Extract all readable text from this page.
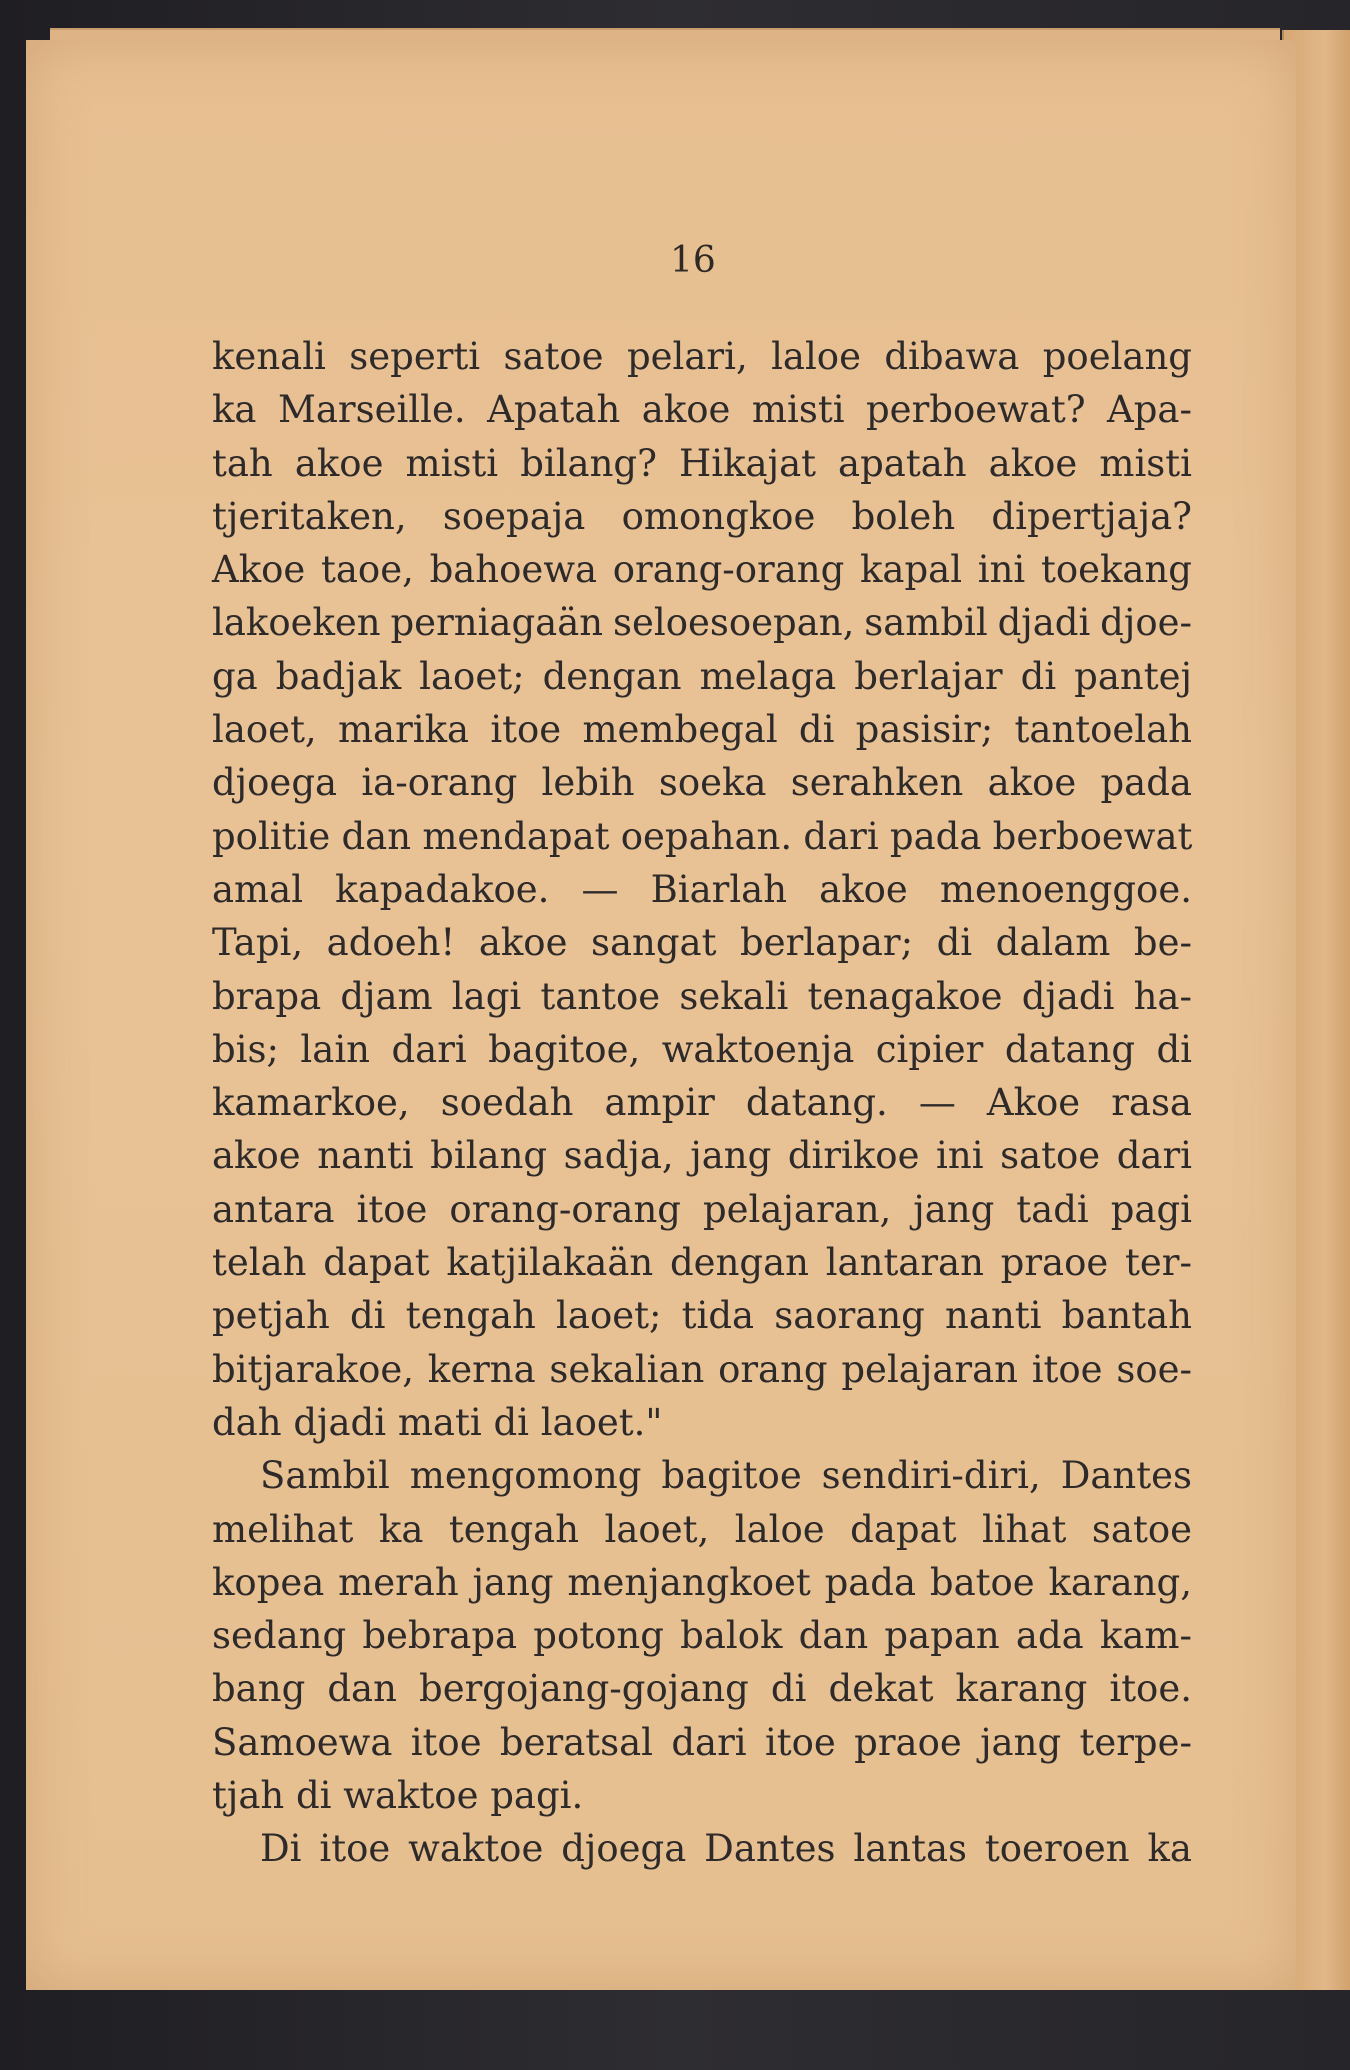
16
kenali seperti satoe pelari, laloe dibawa poelang
ka Marseille. Apatah akoe misti perboewat? Apa-
tah akoe misti bilang? Hikajat apatah akoe misti
tjeritaken, soepaja omongkoe boleh dipertjaja?
Akoe taoe, bahoewa orang-orang kapal ini toekang
lakoeken perniagaän seloesoepan, sambil djadi djoe-
ga badjak laoet; dengan melaga berlajar di pantej
laoet, marika itoe membegal di pasisir; tantoelah
djoega ia-orang lebih soeka serahken akoe pada
politie dan mendapat oepahan. dari pada berboewat
amal kapadakoe. — Biarlah akoe menoenggoe.
Tapi, adoeh! akoe sangat berlapar; di dalam be-
brapa djam lagi tantoe sekali tenagakoe djadi ha-
bis; lain dari bagitoe, waktoenja cipier datang di
kamarkoe, soedah ampir datang. — Akoe rasa
akoe nanti bilang sadja, jang dirikoe ini satoe dari
antara itoe orang-orang pelajaran, jang tadi pagi
telah dapat katjilakaän dengan lantaran praoe ter-
petjah di tengah laoet; tida saorang nanti bantah
bitjarakoe, kerna sekalian orang pelajaran itoe soe-
dah djadi mati di laoet."
Sambil mengomong bagitoe sendiri-diri, Dantes
melihat ka tengah laoet, laloe dapat lihat satoe
kopea merah jang menjangkoet pada batoe karang,
sedang bebrapa potong balok dan papan ada kam-
bang dan bergojang-gojang di dekat karang itoe.
Samoewa itoe beratsal dari itoe praoe jang terpe-
tjah di waktoe pagi.
Di itoe waktoe djoega Dantes lantas toeroen ka
